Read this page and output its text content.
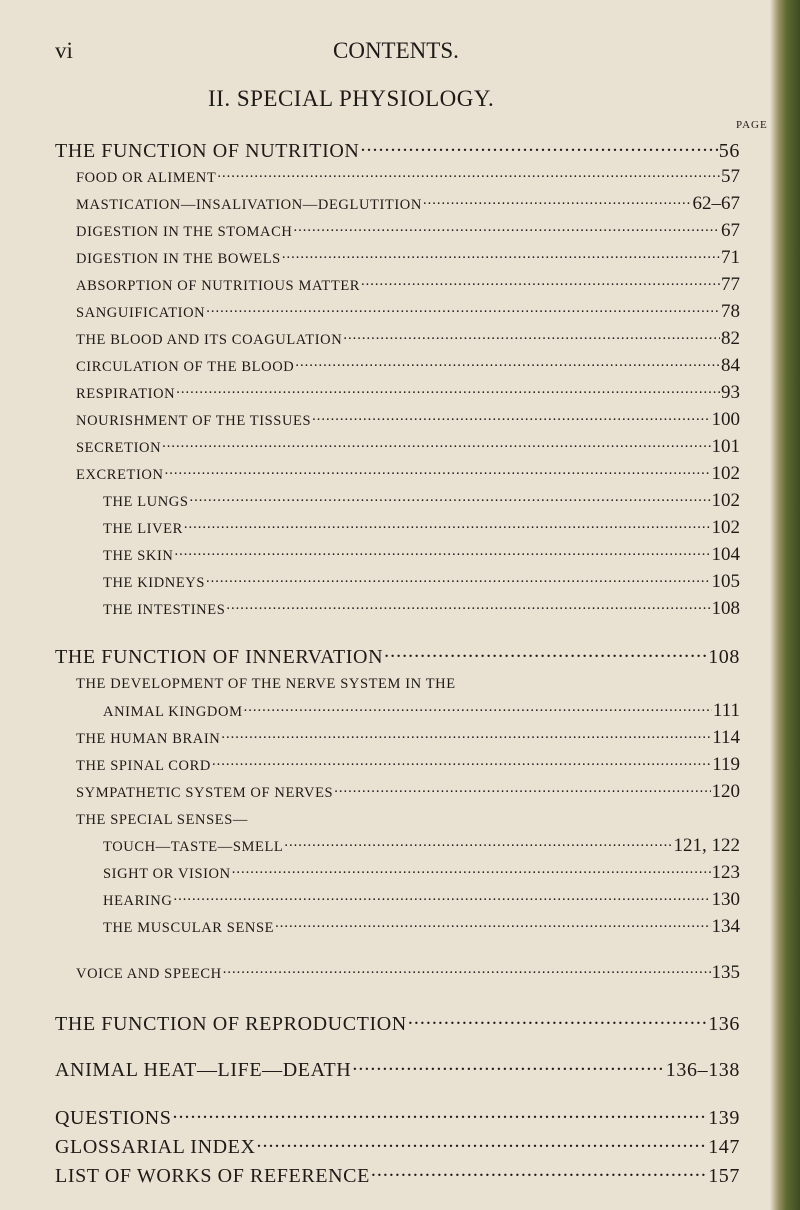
vi	CONTENTS.
II. SPECIAL PHYSIOLOGY.
PAGE
THE FUNCTION OF NUTRITION .....	56
FOOD OR ALIMENT .....	57
MASTICATION—INSALIVATION—DEGLUTITION .....	62–67
DIGESTION IN THE STOMACH .....	67
DIGESTION IN THE BOWELS .....	71
ABSORPTION OF NUTRITIOUS MATTER .....	77
SANGUIFICATION .....	78
THE BLOOD AND ITS COAGULATION .....	82
CIRCULATION OF THE BLOOD .....	84
RESPIRATION .....	93
NOURISHMENT OF THE TISSUES .....	100
SECRETION .....	101
EXCRETION .....	102
THE LUNGS .....	102
THE LIVER .....	102
THE SKIN .....	104
THE KIDNEYS .....	105
THE INTESTINES .....	108
THE FUNCTION OF INNERVATION .....	108
THE DEVELOPMENT OF THE NERVE SYSTEM IN THE
ANIMAL KINGDOM .....	111
THE HUMAN BRAIN .....	114
THE SPINAL CORD .....	119
SYMPATHETIC SYSTEM OF NERVES .....	120
THE SPECIAL SENSES—
TOUCH—TASTE—SMELL .....	121, 122
SIGHT OR VISION .....	123
HEARING .....	130
THE MUSCULAR SENSE .....	134
VOICE AND SPEECH .....	135
THE FUNCTION OF REPRODUCTION .....	136
ANIMAL HEAT—LIFE—DEATH .....	136–138
QUESTIONS .....	139
GLOSSARIAL INDEX .....	147
LIST OF WORKS OF REFERENCE .....	157
